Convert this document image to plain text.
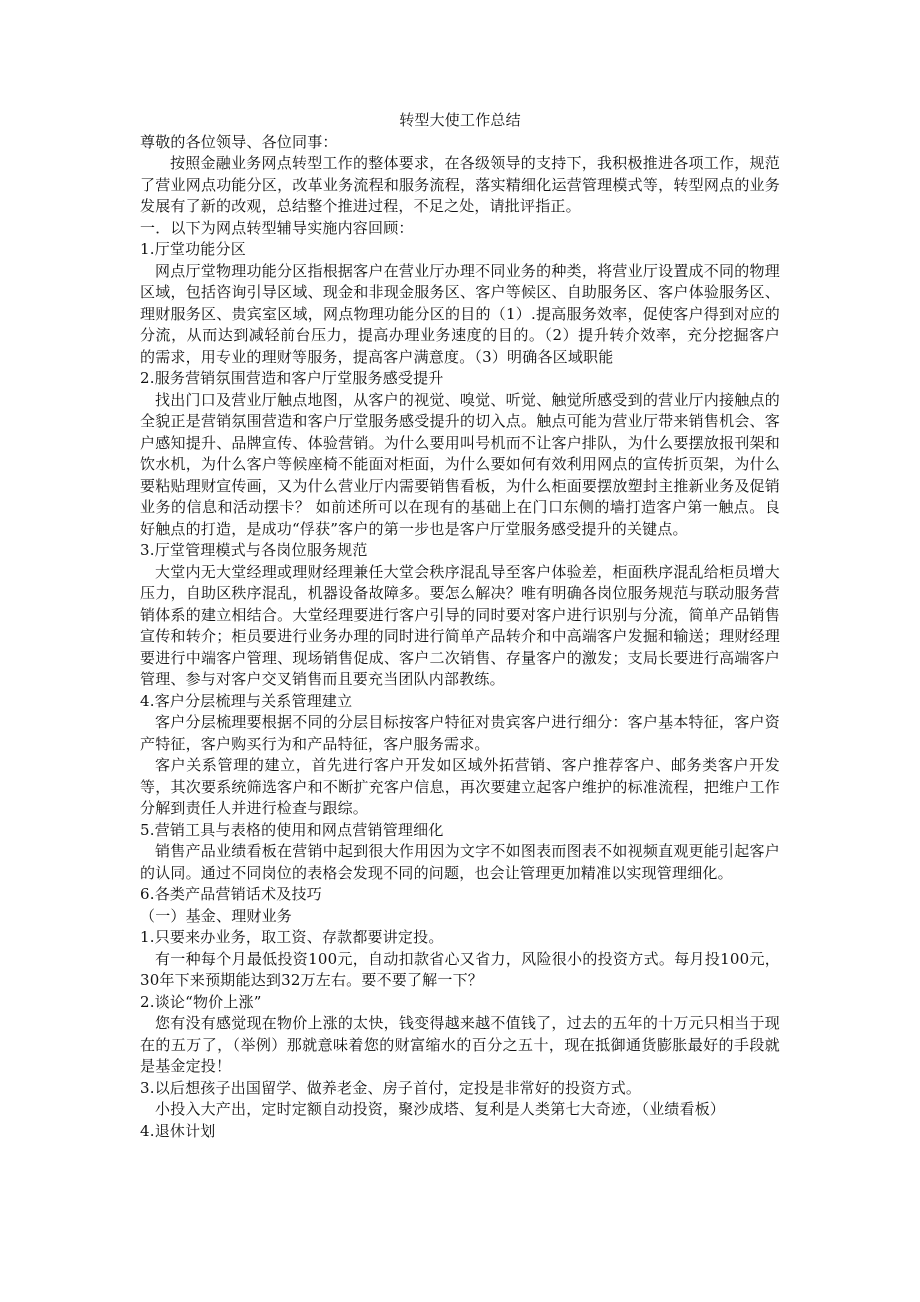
转型大使工作总结

尊敬的各位领导、各位同事：

按照金融业务网点转型工作的整体要求，在各级领导的支持下，我积极推进各项工作，规范了营业网点功能分区，改革业务流程和服务流程，落实精细化运营管理模式等，转型网点的业务发展有了新的改观，总结整个推进过程，不足之处，请批评指正。

一．以下为网点转型辅导实施内容回顾：

1.厅堂功能分区

网点厅堂物理功能分区指根据客户在营业厅办理不同业务的种类，将营业厅设置成不同的物理区域，包括咨询引导区域、现金和非现金服务区、客户等候区、自助服务区、客户体验服务区、理财服务区、贵宾室区域，网点物理功能分区的目的（1）.提高服务效率，促使客户得到对应的分流，从而达到减轻前台压力，提高办理业务速度的目的。（2）提升转介效率，充分挖掘客户的需求，用专业的理财等服务，提高客户满意度。（3）明确各区域职能

2.服务营销氛围营造和客户厅堂服务感受提升

找出门口及营业厅触点地图，从客户的视觉、嗅觉、听觉、触觉所感受到的营业厅内接触点的全貌正是营销氛围营造和客户厅堂服务感受提升的切入点。触点可能为营业厅带来销售机会、客户感知提升、品牌宣传、体验营销。为什么要用叫号机而不让客户排队，为什么要摆放报刊架和饮水机，为什么客户等候座椅不能面对柜面，为什么要如何有效利用网点的宣传折页架，为什么要粘贴理财宣传画，又为什么营业厅内需要销售看板，为什么柜面要摆放塑封主推新业务及促销业务的信息和活动摆卡？ 如前述所可以在现有的基础上在门口东侧的墙打造客户第一触点。良好触点的打造，是成功“俘获”客户的第一步也是客户厅堂服务感受提升的关键点。

3.厅堂管理模式与各岗位服务规范

大堂内无大堂经理或理财经理兼任大堂会秩序混乱导至客户体验差，柜面秩序混乱给柜员增大压力，自助区秩序混乱，机器设备故障多。要怎么解决？唯有明确各岗位服务规范与联动服务营销体系的建立相结合。大堂经理要进行客户引导的同时要对客户进行识别与分流，简单产品销售宣传和转介；柜员要进行业务办理的同时进行简单产品转介和中高端客户发掘和输送；理财经理要进行中端客户管理、现场销售促成、客户二次销售、存量客户的激发；支局长要进行高端客户管理、参与对客户交叉销售而且要充当团队内部教练。

4.客户分层梳理与关系管理建立

客户分层梳理要根据不同的分层目标按客户特征对贵宾客户进行细分：客户基本特征，客户资产特征，客户购买行为和产品特征，客户服务需求。

客户关系管理的建立，首先进行客户开发如区域外拓营销、客户推荐客户、邮务类客户开发等，其次要系统筛选客户和不断扩充客户信息，再次要建立起客户维护的标准流程，把维户工作分解到责任人并进行检查与跟综。

5.营销工具与表格的使用和网点营销管理细化

销售产品业绩看板在营销中起到很大作用因为文字不如图表而图表不如视频直观更能引起客户的认同。通过不同岗位的表格会发现不同的问题，也会让管理更加精准以实现管理细化。

6.各类产品营销话术及技巧

（一）基金、理财业务

1.只要来办业务，取工资、存款都要讲定投。

有一种每个月最低投资100元，自动扣款省心又省力，风险很小的投资方式。每月投100元，30年下来预期能达到32万左右。要不要了解一下？

2.谈论“物价上涨”

您有没有感觉现在物价上涨的太快，钱变得越来越不值钱了，过去的五年的十万元只相当于现在的五万了，（举例）那就意味着您的财富缩水的百分之五十，现在抵御通货膨胀最好的手段就是基金定投！

3.以后想孩子出国留学、做养老金、房子首付，定投是非常好的投资方式。

小投入大产出，定时定额自动投资，聚沙成塔、复利是人类第七大奇迹，（业绩看板）

4.退休计划
